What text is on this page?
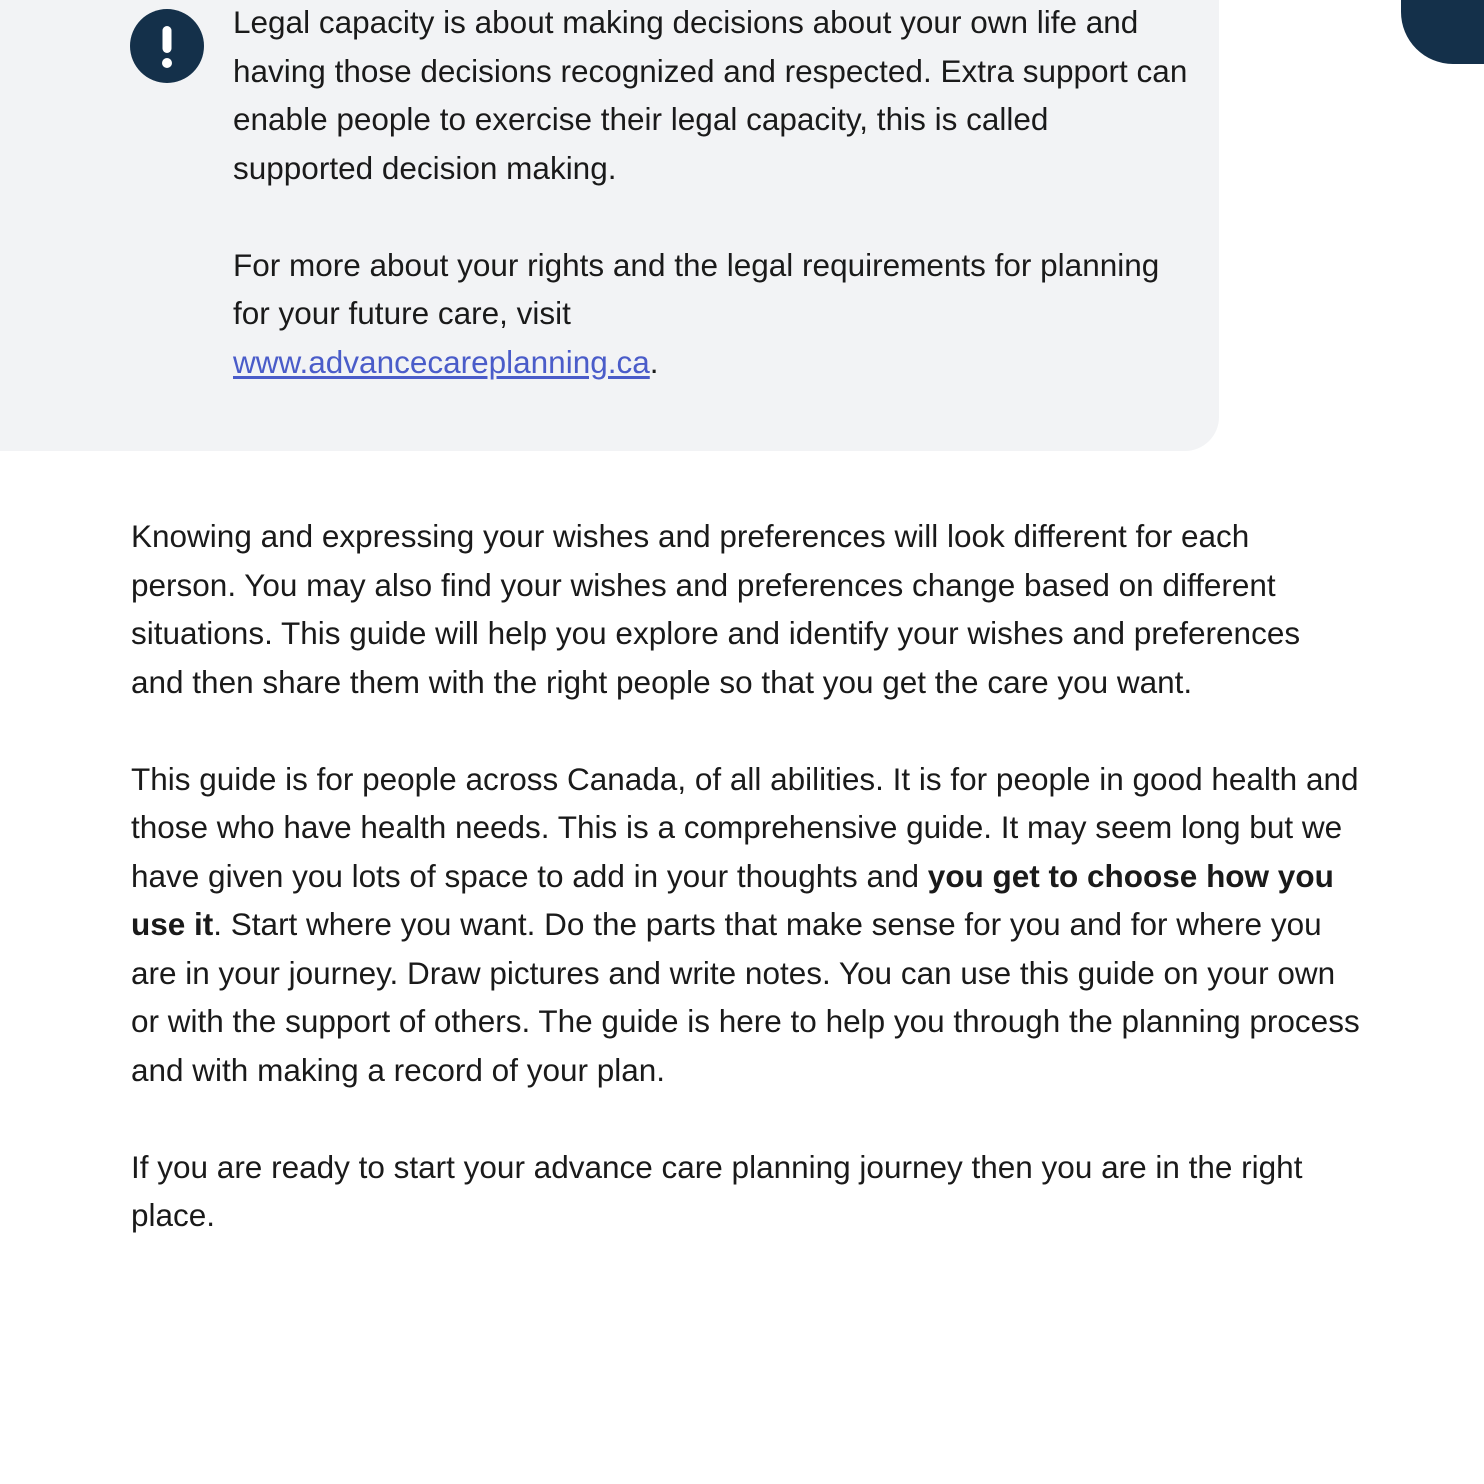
Legal capacity is about making decisions about your own life and having those decisions recognized and respected. Extra support can enable people to exercise their legal capacity, this is called supported decision making.

For more about your rights and the legal requirements for planning for your future care, visit
www.advancecareplanning.ca.

Knowing and expressing your wishes and preferences will look different for each person. You may also find your wishes and preferences change based on different situations. This guide will help you explore and identify your wishes and preferences and then share them with the right people so that you get the care you want.

This guide is for people across Canada, of all abilities. It is for people in good health and those who have health needs. This is a comprehensive guide. It may seem long but we have given you lots of space to add in your thoughts and you get to choose how you use it. Start where you want. Do the parts that make sense for you and for where you are in your journey. Draw pictures and write notes. You can use this guide on your own or with the support of others. The guide is here to help you through the planning process and with making a record of your plan.

If you are ready to start your advance care planning journey then you are in the right place.
